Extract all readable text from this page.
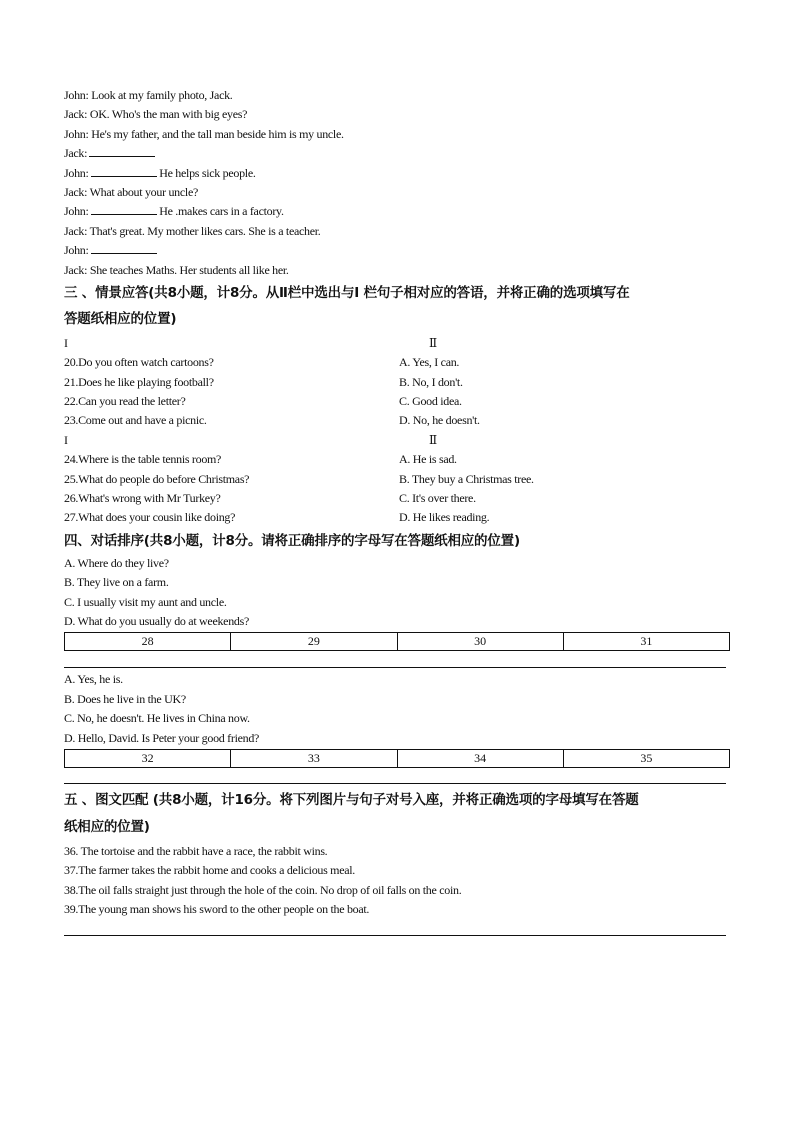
John: Look at my family photo, Jack.
Jack: OK. Who's the man with big eyes?
John: He's my father, and the tall man beside him is my uncle.
Jack:
John:	He helps sick people.
Jack: What about your uncle?
John:	He .makes cars in a factory.
Jack: That's great. My mother likes cars. She is a teacher.
John:
Jack: She teaches Maths. Her students all like her.
三 、情景应答(共8小题，计8分。从Ⅱ栏中选出与Ⅰ 栏句子相对应的答语，并将正确的选项填写在
答题纸相应的位置)
I	Ⅱ
20.Do you often watch cartoons?	A. Yes, I can.
21.Does he like playing football?	B. No, I don't.
22.Can you read the letter?	C. Good idea.
23.Come out and have a picnic.	D. No, he doesn't.
I	Ⅱ
24.Where is the table tennis room?	A. He is sad.
25.What do people do before Christmas?	B. They buy a Christmas tree.
26.What's wrong with Mr Turkey?	C. It's over there.
27.What does your cousin like doing?	D. He likes reading.
四、对话排序(共8小题，计8分。请将正确排序的字母写在答题纸相应的位置)
A. Where do they live?
B. They live on a farm.
C. I usually visit my aunt and uncle.
D. What do you usually do at weekends?
28	29	30	31
A. Yes, he is.
B. Does he live in the UK?
C. No, he doesn't. He lives in China now.
D. Hello, David. Is Peter your good friend?
32	33	34	35
五 、图文匹配 (共8小题，计16分。将下列图片与句子对号入座，并将正确选项的字母填写在答题
纸相应的位置)
36. The tortoise and the rabbit have a race, the rabbit wins.
37.The farmer takes the rabbit home and cooks a delicious meal.
38.The oil falls straight just through the hole of the coin. No drop of oil falls on the coin.
39.The young man shows his sword to the other people on the boat.
